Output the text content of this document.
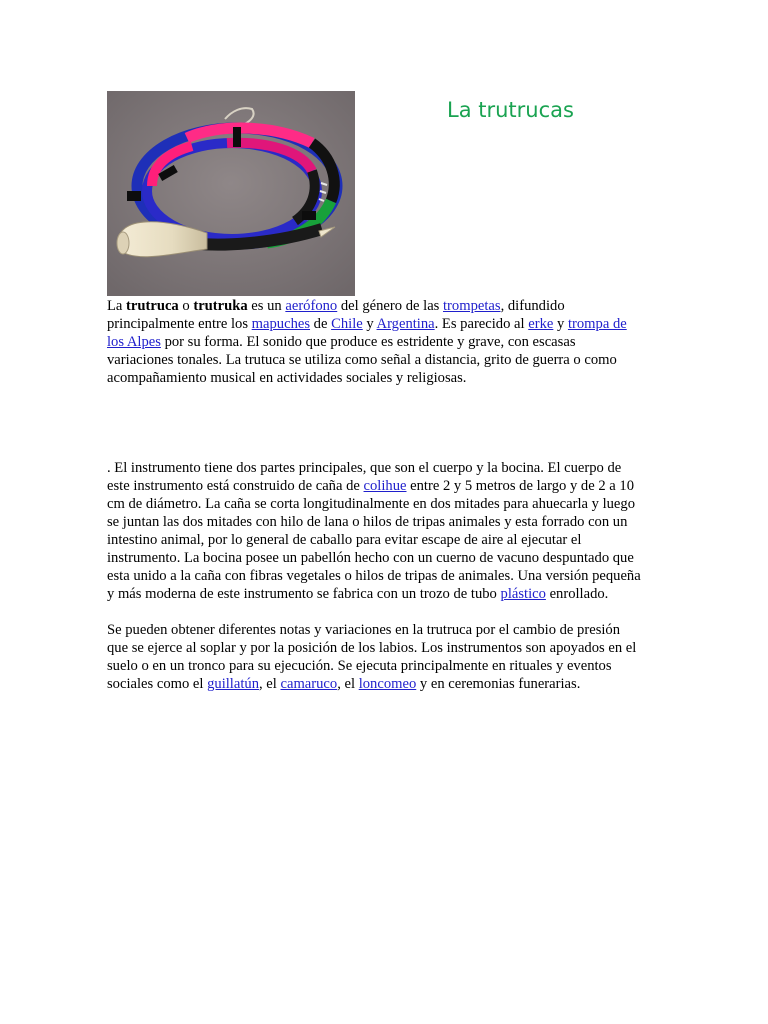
La trutrucas

La trutruca o trutruka es un aerófono del género de las trompetas, difundido

principalmente entre los mapuches de Chile y Argentina. Es parecido al erke y trompa de

los Alpes por su forma. El sonido que produce es estridente y grave, con escasas

variaciones tonales. La trutuca se utiliza como señal a distancia, grito de guerra o como

acompañamiento musical en actividades sociales y religiosas.

. El instrumento tiene dos partes principales, que son el cuerpo y la bocina. El cuerpo de

este instrumento está construido de caña de colihue entre 2 y 5 metros de largo y de 2 a 10

cm de diámetro. La caña se corta longitudinalmente en dos mitades para ahuecarla y luego

se juntan las dos mitades con hilo de lana o hilos de tripas animales y esta forrado con un

intestino animal, por lo general de caballo para evitar escape de aire al ejecutar el

instrumento. La bocina posee un pabellón hecho con un cuerno de vacuno despuntado que

esta unido a la caña con fibras vegetales o hilos de tripas de animales. Una versión pequeña

y más moderna de este instrumento se fabrica con un trozo de tubo plástico enrollado.

Se pueden obtener diferentes notas y variaciones en la trutruca por el cambio de presión

que se ejerce al soplar y por la posición de los labios. Los instrumentos son apoyados en el

suelo o en un tronco para su ejecución. Se ejecuta principalmente en rituales y eventos

sociales como el guillatún, el camaruco, el loncomeo y en ceremonias funerarias.
